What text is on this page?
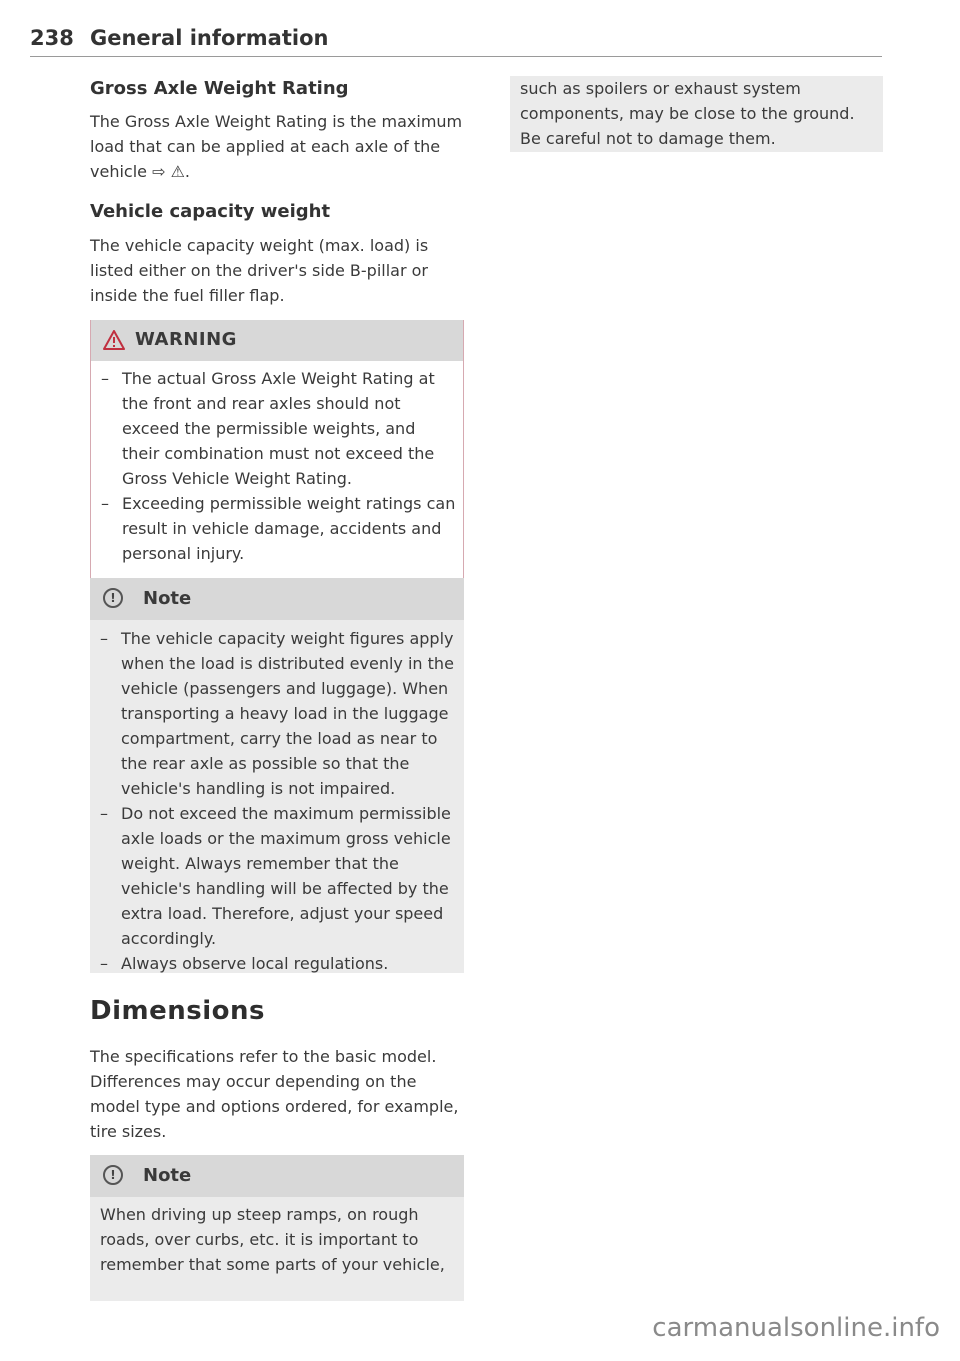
238 General information
Gross Axle Weight Rating

The Gross Axle Weight Rating is the maximum load that can be applied at each axle of the vehicle ⇨ ⚠.

Vehicle capacity weight

The vehicle capacity weight (max. load) is listed either on the driver's side B-pillar or inside the fuel filler flap.

WARNING
– The actual Gross Axle Weight Rating at the front and rear axles should not exceed the permissible weights, and their combination must not exceed the Gross Vehicle Weight Rating.
– Exceeding permissible weight ratings can result in vehicle damage, accidents and personal injury.
!	Note
– The vehicle capacity weight figures apply when the load is distributed evenly in the vehicle (passengers and luggage). When transporting a heavy load in the luggage compartment, carry the load as near to the rear axle as possible so that the vehicle's handling is not impaired.
– Do not exceed the maximum permissible axle loads or the maximum gross vehicle weight. Always remember that the vehicle's handling will be affected by the extra load. Therefore, adjust your speed accordingly.
– Always observe local regulations.
Dimensions

The specifications refer to the basic model. Differences may occur depending on the model type and options ordered, for example, tire sizes.

!	Note

When driving up steep ramps, on rough roads, over curbs, etc. it is important to remember that some parts of your vehicle,

such as spoilers or exhaust system components, may be close to the ground. Be careful not to damage them.

carmanualsonline.info
